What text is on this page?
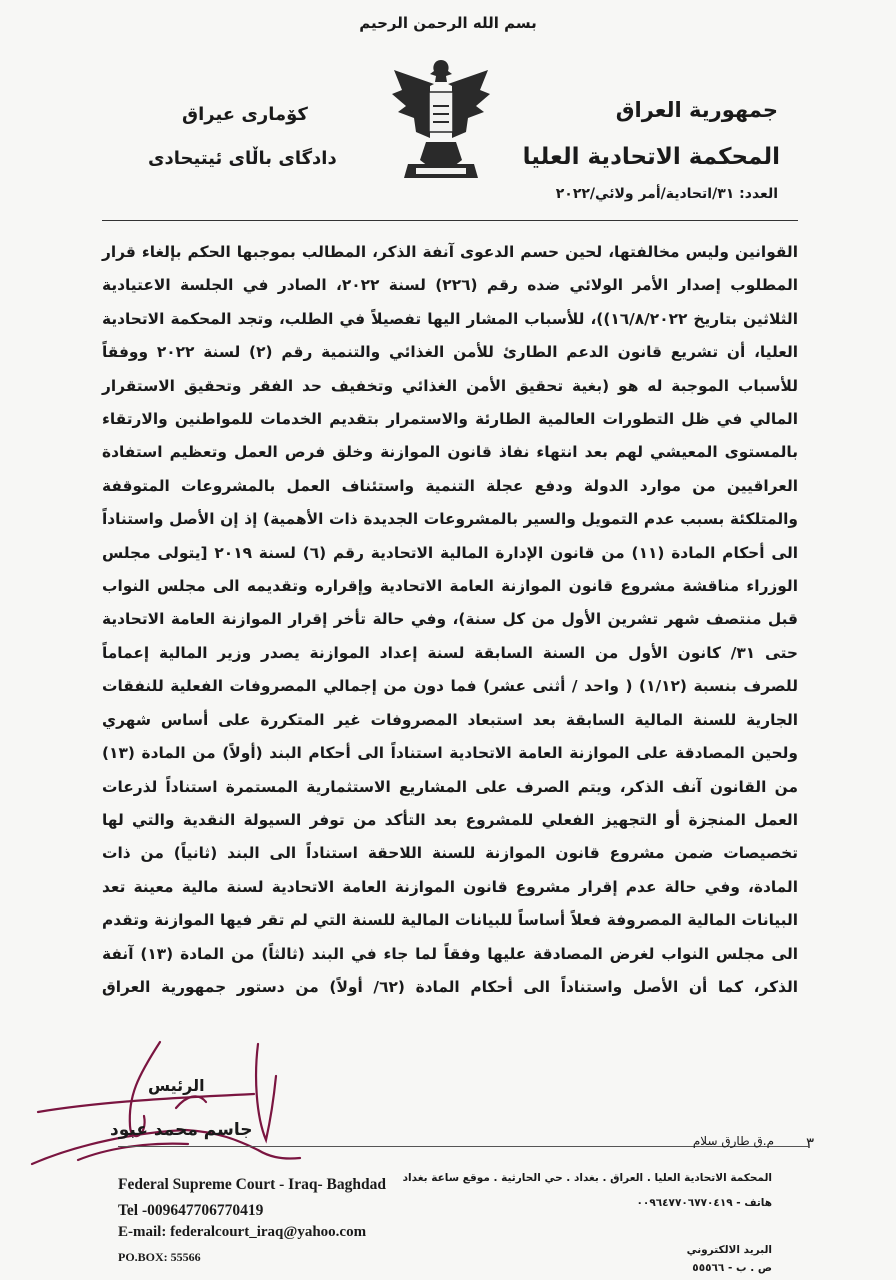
بسم الله الرحمن الرحيم
جمهورية العراق
المحكمة الاتحادية العليا
كۆمارى عيراق
دادگاى باڵاى ئيتيحادى
العدد: ٣١/اتحادية/أمر ولائي/٢٠٢٢

القوانين وليس مخالفتها، لحين حسم الدعوى آنفة الذكر، المطالب بموجبها الحكم بإلغاء قرار المطلوب إصدار الأمر الولائي ضده رقم (٢٢٦) لسنة ٢٠٢٢، الصادر في الجلسة الاعتيادية الثلاثين بتاريخ ١٦/٨/٢٠٢٢))، للأسباب المشار اليها تفصيلاً في الطلب، وتجد المحكمة الاتحادية العليا، أن تشريع قانون الدعم الطارئ للأمن الغذائي والتنمية رقم (٢) لسنة ٢٠٢٢ ووفقاً للأسباب الموجبة له هو (بغية تحقيق الأمن الغذائي وتخفيف حد الفقر وتحقيق الاستقرار المالي في ظل التطورات العالمية الطارئة والاستمرار بتقديم الخدمات للمواطنين والارتقاء بالمستوى المعيشي لهم بعد انتهاء نفاذ قانون الموازنة وخلق فرص العمل وتعظيم استفادة العراقيين من موارد الدولة ودفع عجلة التنمية واستئناف العمل بالمشروعات المتوقفة والمتلكئة بسبب عدم التمويل والسير بالمشروعات الجديدة ذات الأهمية) إذ إن الأصل واستناداً الى أحكام المادة (١١) من قانون الإدارة المالية الاتحادية رقم (٦) لسنة ٢٠١٩ [يتولى مجلس الوزراء مناقشة مشروع قانون الموازنة العامة الاتحادية وإقراره وتقديمه الى مجلس النواب قبل منتصف شهر تشرين الأول من كل سنة)، وفي حالة تأخر إقرار الموازنة العامة الاتحادية حتى ٣١/ كانون الأول من السنة السابقة لسنة إعداد الموازنة يصدر وزير المالية إعماماً للصرف بنسبة (١/١٢) ( واحد / أثنى عشر) فما دون من إجمالي المصروفات الفعلية للنفقات الجارية للسنة المالية السابقة بعد استبعاد المصروفات غير المتكررة على أساس شهري ولحين المصادقة على الموازنة العامة الاتحادية استناداً الى أحكام البند (أولاً) من المادة (١٣) من القانون آنف الذكر، ويتم الصرف على المشاريع الاستثمارية المستمرة استناداً لذرعات العمل المنجزة أو التجهيز الفعلي للمشروع بعد التأكد من توفر السيولة النقدية والتي لها تخصيصات ضمن مشروع قانون الموازنة للسنة اللاحقة استناداً الى البند (ثانياً) من ذات المادة، وفي حالة عدم إقرار مشروع قانون الموازنة العامة الاتحادية لسنة مالية معينة تعد البيانات المالية المصروفة فعلاً أساساً للبيانات المالية للسنة التي لم تقر فيها الموازنة وتقدم الى مجلس النواب لغرض المصادقة عليها وفقاً لما جاء في البند (ثالثاً) من المادة (١٣) آنفة الذكر، كما أن الأصل واستناداً الى أحكام المادة (٦٢/ أولاً) من دستور جمهورية العراق

الرئيس
جاسم محمد عبود
٣
م.ق طارق سلام
Federal Supreme Court - Iraq- Baghdad
Tel -009647706770419
E-mail: federalcourt_iraq@yahoo.com
PO.BOX: 55566
المحكمة الاتحادية العليا . العراق . بغداد . حي الحارثية . موقع ساعة بغداد
هاتف - ٠٠٩٦٤٧٧٠٦٧٧٠٤١٩
البريد الالكتروني
ص . ب - ٥٥٥٦٦
